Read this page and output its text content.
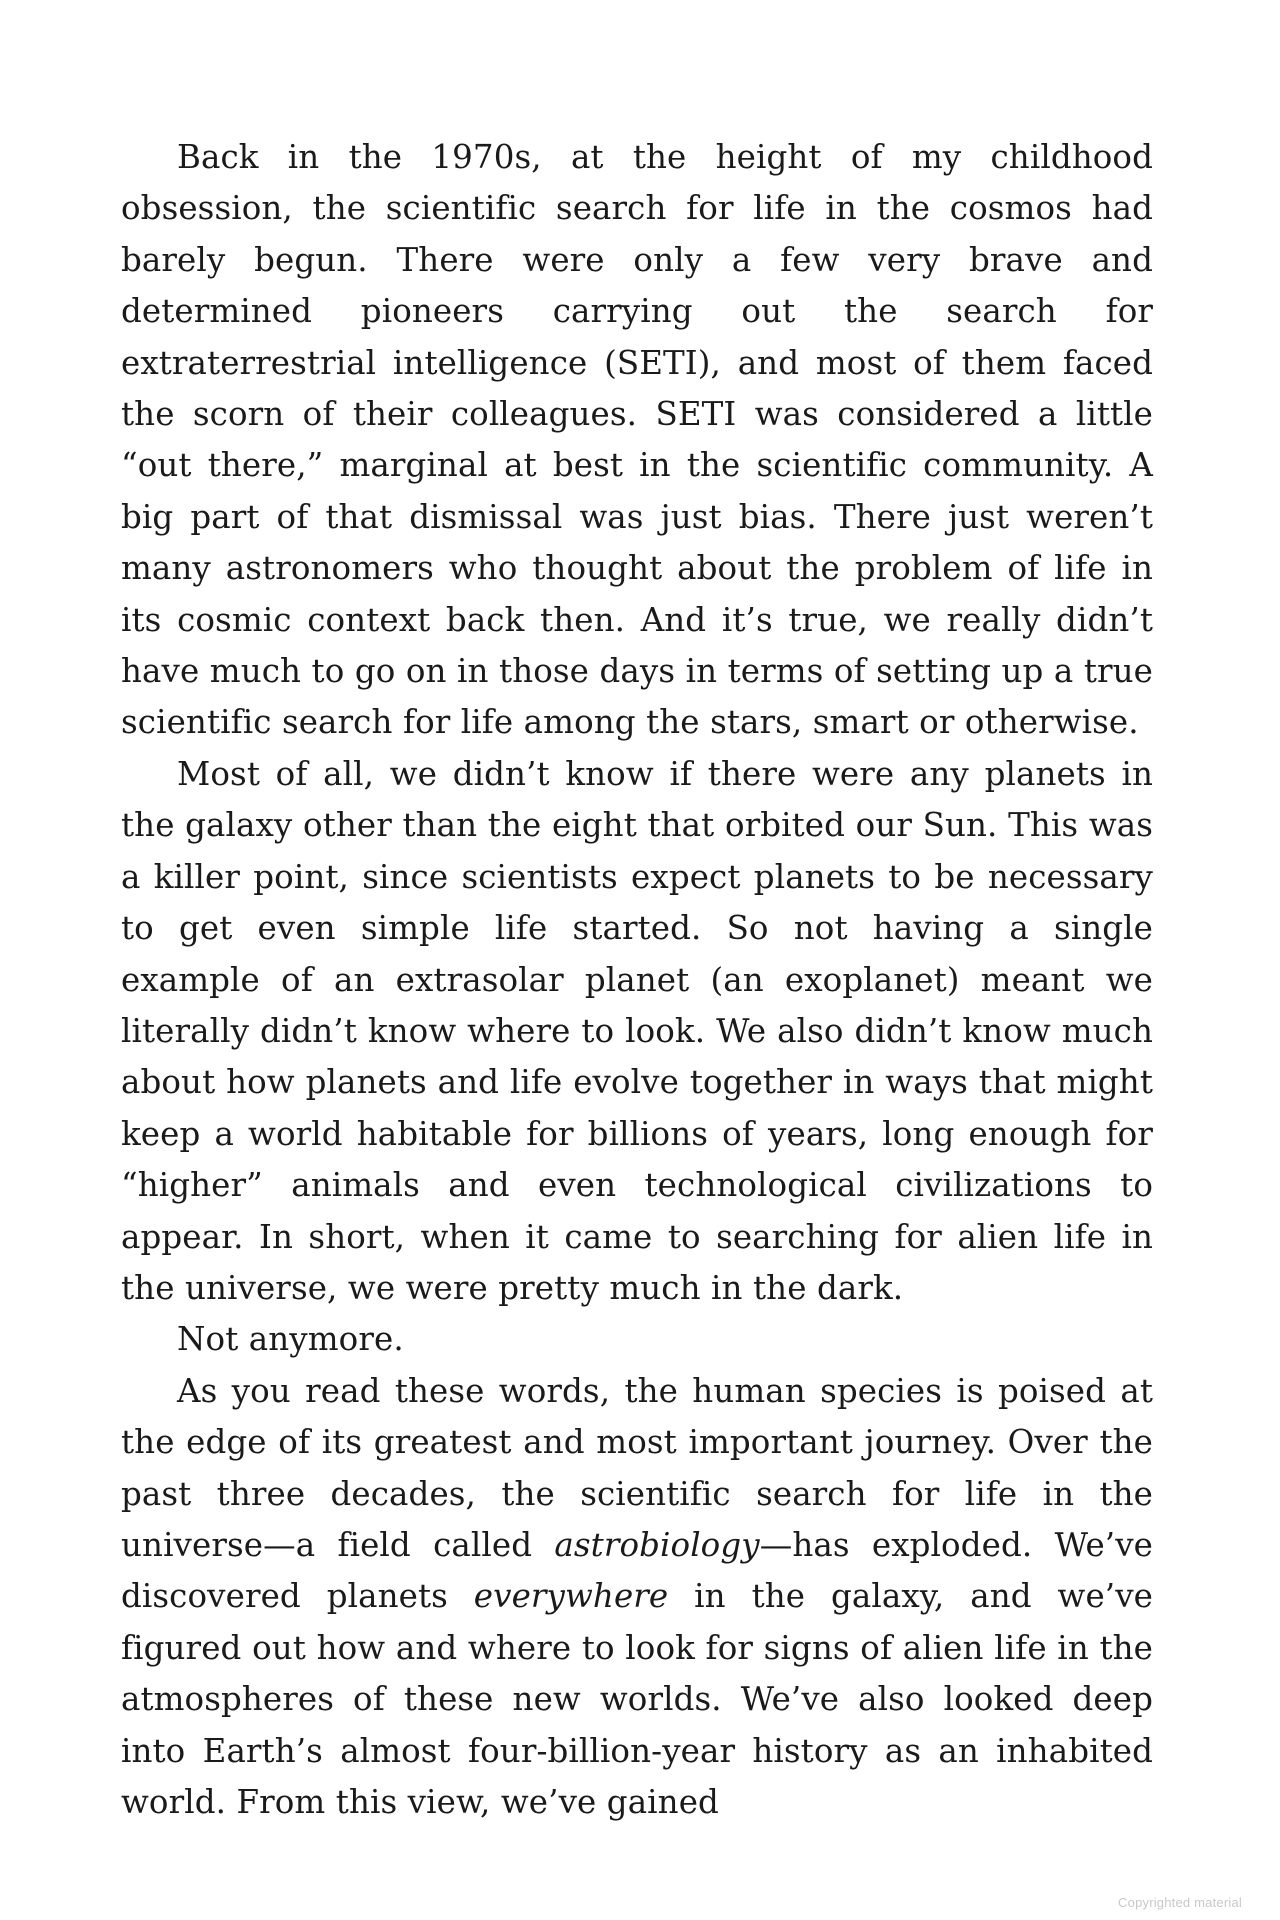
Back in the 1970s, at the height of my childhood obsession, the scientific search for life in the cosmos had barely begun. There were only a few very brave and determined pioneers carrying out the search for extraterrestrial intelligence (SETI), and most of them faced the scorn of their colleagues. SETI was considered a little “out there,” marginal at best in the scientific community. A big part of that dismissal was just bias. There just weren’t many astronomers who thought about the problem of life in its cosmic context back then. And it’s true, we really didn’t have much to go on in those days in terms of setting up a true scientific search for life among the stars, smart or otherwise.

Most of all, we didn’t know if there were any planets in the galaxy other than the eight that orbited our Sun. This was a killer point, since scientists expect planets to be necessary to get even simple life started. So not having a single example of an extrasolar planet (an exoplanet) meant we literally didn’t know where to look. We also didn’t know much about how planets and life evolve together in ways that might keep a world habitable for billions of years, long enough for “higher” animals and even technological civilizations to appear. In short, when it came to searching for alien life in the universe, we were pretty much in the dark.

Not anymore.

As you read these words, the human species is poised at the edge of its greatest and most important journey. Over the past three decades, the scientific search for life in the universe—a field called astrobiology—has exploded. We’ve discovered planets everywhere in the galaxy, and we’ve figured out how and where to look for signs of alien life in the atmospheres of these new worlds. We’ve also looked deep into Earth’s almost four-billion-year history as an inhabited world. From this view, we’ve gained

Copyrighted material
